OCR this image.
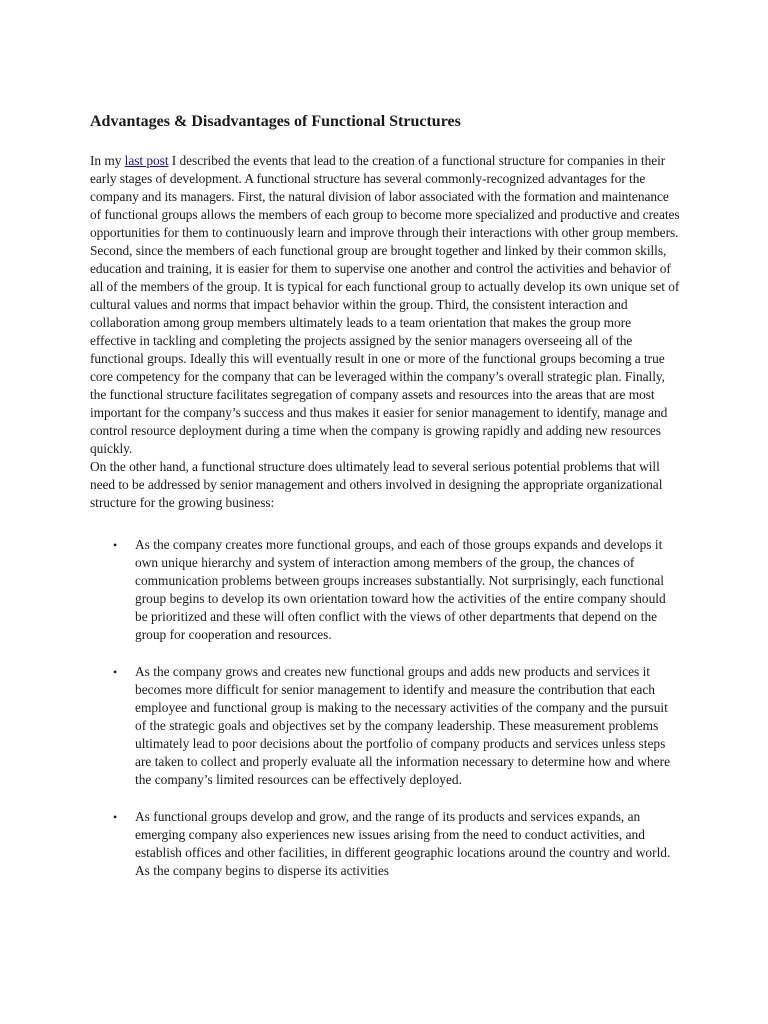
Advantages & Disadvantages of Functional Structures

In my last post I described the events that lead to the creation of a functional structure for companies in their early stages of development. A functional structure has several commonly-recognized advantages for the company and its managers. First, the natural division of labor associated with the formation and maintenance of functional groups allows the members of each group to become more specialized and productive and creates opportunities for them to continuously learn and improve through their interactions with other group members. Second, since the members of each functional group are brought together and linked by their common skills, education and training, it is easier for them to supervise one another and control the activities and behavior of all of the members of the group. It is typical for each functional group to actually develop its own unique set of cultural values and norms that impact behavior within the group. Third, the consistent interaction and collaboration among group members ultimately leads to a team orientation that makes the group more effective in tackling and completing the projects assigned by the senior managers overseeing all of the functional groups. Ideally this will eventually result in one or more of the functional groups becoming a true core competency for the company that can be leveraged within the company’s overall strategic plan. Finally, the functional structure facilitates segregation of company assets and resources into the areas that are most important for the company’s success and thus makes it easier for senior management to identify, manage and control resource deployment during a time when the company is growing rapidly and adding new resources quickly.

On the other hand, a functional structure does ultimately lead to several serious potential problems that will need to be addressed by senior management and others involved in designing the appropriate organizational structure for the growing business:

• As the company creates more functional groups, and each of those groups expands and develops it own unique hierarchy and system of interaction among members of the group, the chances of communication problems between groups increases substantially. Not surprisingly, each functional group begins to develop its own orientation toward how the activities of the entire company should be prioritized and these will often conflict with the views of other departments that depend on the group for cooperation and resources.
• As the company grows and creates new functional groups and adds new products and services it becomes more difficult for senior management to identify and measure the contribution that each employee and functional group is making to the necessary activities of the company and the pursuit of the strategic goals and objectives set by the company leadership. These measurement problems ultimately lead to poor decisions about the portfolio of company products and services unless steps are taken to collect and properly evaluate all the information necessary to determine how and where the company’s limited resources can be effectively deployed.
• As functional groups develop and grow, and the range of its products and services expands, an emerging company also experiences new issues arising from the need to conduct activities, and establish offices and other facilities, in different geographic locations around the country and world. As the company begins to disperse its activities
